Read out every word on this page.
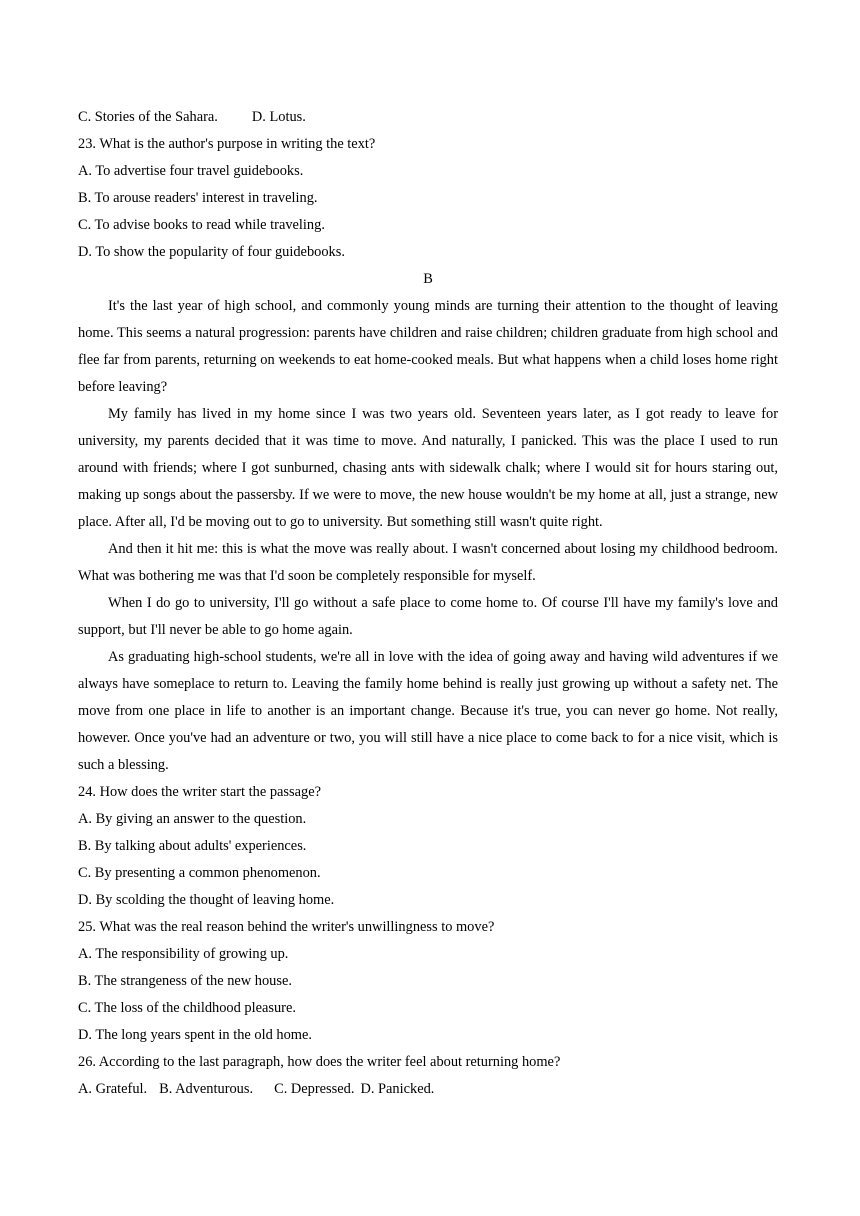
C. Stories of the Sahara. D. Lotus.
23. What is the author's purpose in writing the text?
A. To advertise four travel guidebooks.
B. To arouse readers' interest in traveling.
C. To advise books to read while traveling.
D. To show the popularity of four guidebooks.
B
It's the last year of high school, and commonly young minds are turning their attention to the thought of leaving home. This seems a natural progression: parents have children and raise children; children graduate from high school and flee far from parents, returning on weekends to eat home-cooked meals. But what happens when a child loses home right before leaving?
My family has lived in my home since I was two years old. Seventeen years later, as I got ready to leave for university, my parents decided that it was time to move. And naturally, I panicked. This was the place I used to run around with friends; where I got sunburned, chasing ants with sidewalk chalk; where I would sit for hours staring out, making up songs about the passersby. If we were to move, the new house wouldn't be my home at all, just a strange, new place. After all, I'd be moving out to go to university. But something still wasn't quite right.
And then it hit me: this is what the move was really about. I wasn't concerned about losing my childhood bedroom. What was bothering me was that I'd soon be completely responsible for myself.
When I do go to university, I'll go without a safe place to come home to. Of course I'll have my family's love and support, but I'll never be able to go home again.
As graduating high-school students, we're all in love with the idea of going away and having wild adventures if we always have someplace to return to. Leaving the family home behind is really just growing up without a safety net. The move from one place in life to another is an important change. Because it's true, you can never go home. Not really, however. Once you've had an adventure or two, you will still have a nice place to come back to for a nice visit, which is such a blessing.
24. How does the writer start the passage?
A. By giving an answer to the question.
B. By talking about adults' experiences.
C. By presenting a common phenomenon.
D. By scolding the thought of leaving home.
25. What was the real reason behind the writer's unwillingness to move?
A. The responsibility of growing up.
B. The strangeness of the new house.
C. The loss of the childhood pleasure.
D. The long years spent in the old home.
26. According to the last paragraph, how does the writer feel about returning home?
A. Grateful. B. Adventurous. C. Depressed. D. Panicked.
